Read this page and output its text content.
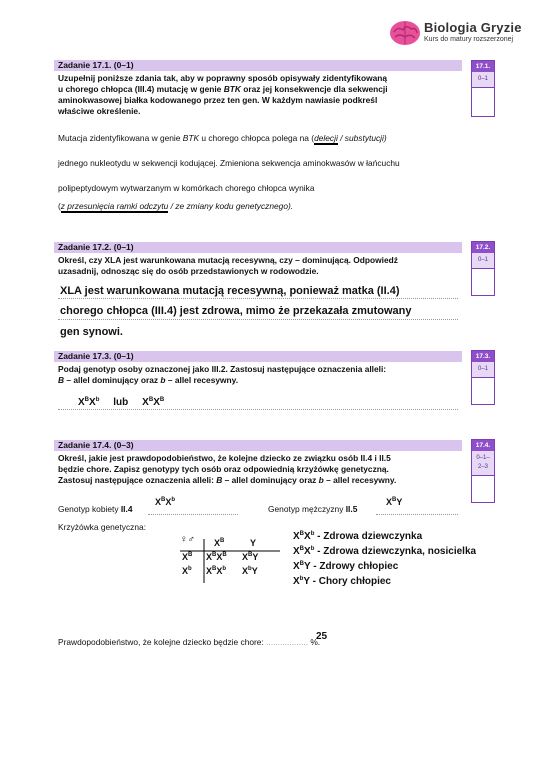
Biologia Gryzie
Kurs do matury rozszerzonej
Zadanie 17.1. (0–1)	17.1.
0–1
Uzupełnij poniższe zdania tak, aby w poprawny sposób opisywały zidentyfikowaną
u chorego chłopca (III.4) mutację w genie BTK oraz jej konsekwencje dla sekwencji
aminokwasowej białka kodowanego przez ten gen. W każdym nawiasie podkreśl
właściwe określenie.
Mutacja zidentyfikowana w genie BTK u chorego chłopca polega na (delecji / substytucji)
jednego nukleotydu w sekwencji kodującej. Zmieniona sekwencja aminokwasów w łańcuchu
polipeptydowym wytwarzanym w komórkach chorego chłopca wynika
(z przesunięcia ramki odczytu / ze zmiany kodu genetycznego).
Zadanie 17.2. (0–1)	17.2.
0–1
Określ, czy XLA jest warunkowana mutacją recesywną, czy – dominującą. Odpowiedź
uzasadnij, odnosząc się do osób przedstawionych w rodowodzie.
XLA jest warunkowana mutacją recesywną, ponieważ matka (II.4)
chorego chłopca (III.4) jest zdrowa, mimo że przekazała zmutowany
gen synowi.
Zadanie 17.3. (0–1)	17.3.
0–1
Podaj genotyp osoby oznaczonej jako III.2. Zastosuj następujące oznaczenia alleli:
B – allel dominujący oraz b – allel recesywny.
$X^BX^b$ lub $X^BX^B$
Zadanie 17.4. (0–3)	17.4.
0–1–
2–3
Określ, jakie jest prawdopodobieństwo, że kolejne dziecko ze związku osób II.4 i II.5
będzie chore. Zapisz genotypy tych osób oraz odpowiednią krzyżówkę genetyczną.
Zastosuj następujące oznaczenia alleli: B – allel dominujący oraz b – allel recesywny.
Genotyp kobiety II.4
$X^BX^b$
Genotyp mężczyzny II.5
$X^BY$
Krzyżówka genetyczna:
♀♂ $X^B$	Y
$X^B$ $X^BX^B$ $X^BY$
$X^b$ $X^BX^b$ $X^bY$
$X^BX^b$ - Zdrowa dziewczynka
$X^BX^b$ - Zdrowa dziewczynka, nosicielka
$X^BY$ - Zdrowy chłopiec
$X^bY$ - Chory chłopiec
Prawdopodobieństwo, że kolejne dziecko będzie chore: .................. %.
25
